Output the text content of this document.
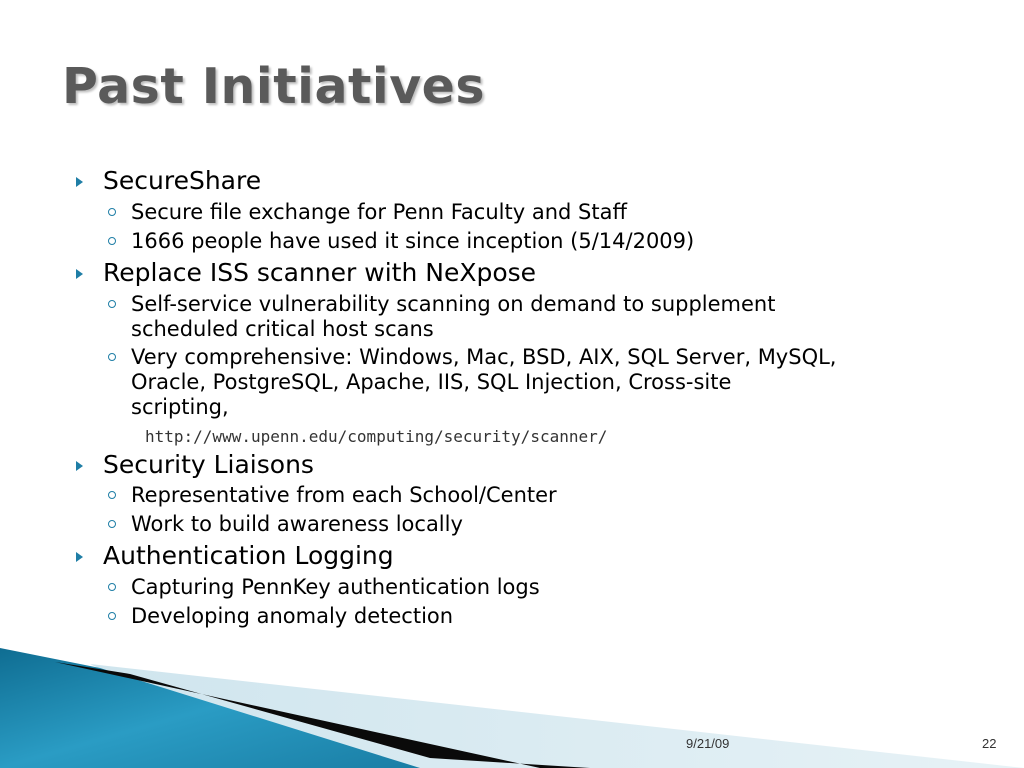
Past Initiatives
SecureShare
Secure file exchange for Penn Faculty and Staff
1666 people have used it since inception (5/14/2009)
Replace ISS scanner with NeXpose
Self-service vulnerability scanning on demand to supplement
scheduled critical host scans
Very comprehensive: Windows, Mac, BSD, AIX, SQL Server, MySQL,
Oracle, PostgreSQL, Apache, IIS, SQL Injection, Cross-site
scripting,
http://www.upenn.edu/computing/security/scanner/
Security Liaisons
Representative from each School/Center
Work to build awareness locally
Authentication Logging
Capturing PennKey authentication logs
Developing anomaly detection
9/21/09	22
